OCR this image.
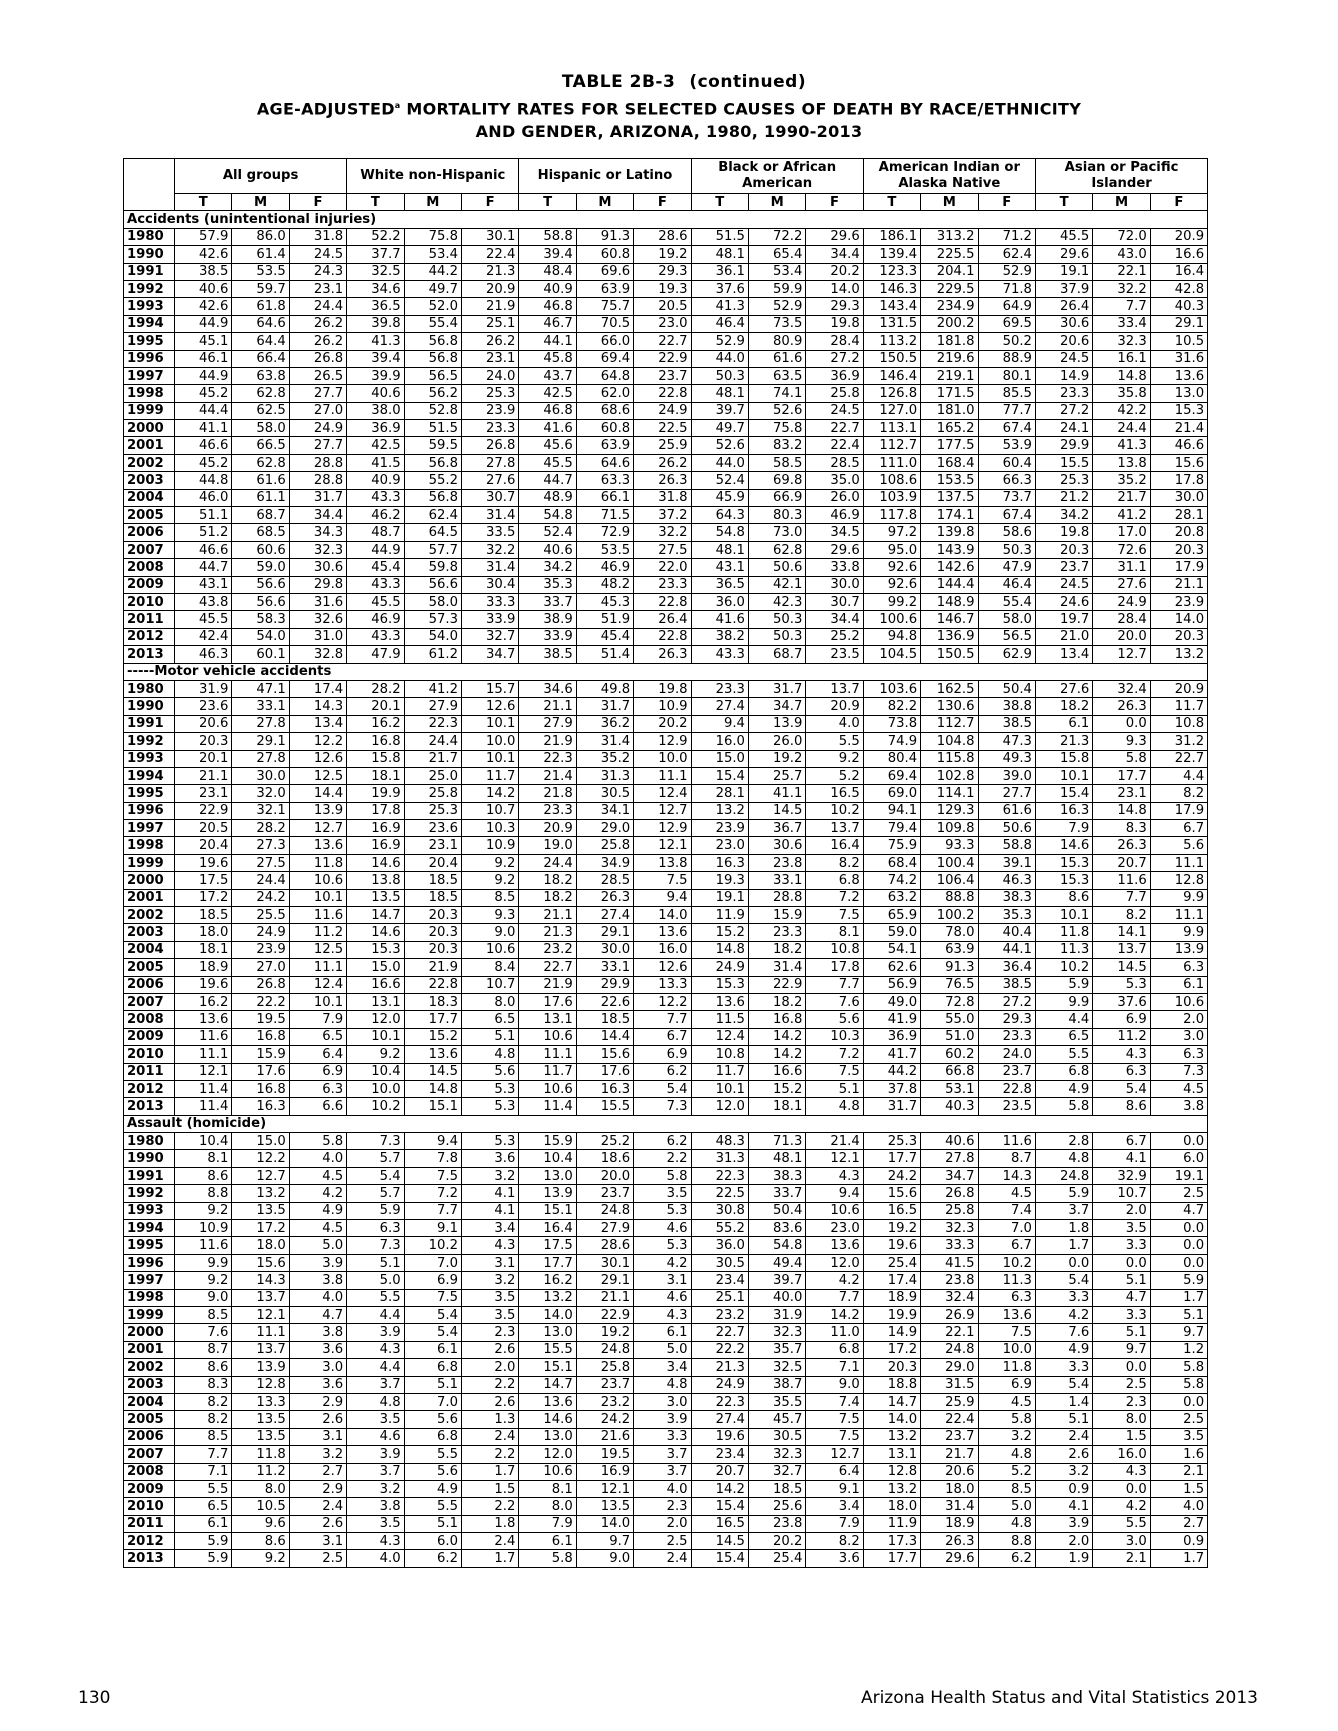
TABLE 2B-3 (continued)
AGE-ADJUSTED$^a$ MORTALITY RATES FOR SELECTED CAUSES OF DEATH BY RACE/ETHNICITY
AND GENDER, ARIZONA, 1980, 1990-2013
	All groups			White non-Hispanic			Hispanic or Latino			Black or African American			American Indian or Alaska Native			Asian or Pacific Islander		
	T	M	F	T	M	F	T	M	F	T	M	F	T	M	F	T	M	F
Accidents (unintentional injuries)																		
1980	57.9	86.0	31.8	52.2	75.8	30.1	58.8	91.3	28.6	51.5	72.2	29.6	186.1	313.2	71.2	45.5	72.0	20.9
1990	42.6	61.4	24.5	37.7	53.4	22.4	39.4	60.8	19.2	48.1	65.4	34.4	139.4	225.5	62.4	29.6	43.0	16.6
1991	38.5	53.5	24.3	32.5	44.2	21.3	48.4	69.6	29.3	36.1	53.4	20.2	123.3	204.1	52.9	19.1	22.1	16.4
1992	40.6	59.7	23.1	34.6	49.7	20.9	40.9	63.9	19.3	37.6	59.9	14.0	146.3	229.5	71.8	37.9	32.2	42.8
1993	42.6	61.8	24.4	36.5	52.0	21.9	46.8	75.7	20.5	41.3	52.9	29.3	143.4	234.9	64.9	26.4	7.7	40.3
1994	44.9	64.6	26.2	39.8	55.4	25.1	46.7	70.5	23.0	46.4	73.5	19.8	131.5	200.2	69.5	30.6	33.4	29.1
1995	45.1	64.4	26.2	41.3	56.8	26.2	44.1	66.0	22.7	52.9	80.9	28.4	113.2	181.8	50.2	20.6	32.3	10.5
1996	46.1	66.4	26.8	39.4	56.8	23.1	45.8	69.4	22.9	44.0	61.6	27.2	150.5	219.6	88.9	24.5	16.1	31.6
1997	44.9	63.8	26.5	39.9	56.5	24.0	43.7	64.8	23.7	50.3	63.5	36.9	146.4	219.1	80.1	14.9	14.8	13.6
1998	45.2	62.8	27.7	40.6	56.2	25.3	42.5	62.0	22.8	48.1	74.1	25.8	126.8	171.5	85.5	23.3	35.8	13.0
1999	44.4	62.5	27.0	38.0	52.8	23.9	46.8	68.6	24.9	39.7	52.6	24.5	127.0	181.0	77.7	27.2	42.2	15.3
2000	41.1	58.0	24.9	36.9	51.5	23.3	41.6	60.8	22.5	49.7	75.8	22.7	113.1	165.2	67.4	24.1	24.4	21.4
2001	46.6	66.5	27.7	42.5	59.5	26.8	45.6	63.9	25.9	52.6	83.2	22.4	112.7	177.5	53.9	29.9	41.3	46.6
2002	45.2	62.8	28.8	41.5	56.8	27.8	45.5	64.6	26.2	44.0	58.5	28.5	111.0	168.4	60.4	15.5	13.8	15.6
2003	44.8	61.6	28.8	40.9	55.2	27.6	44.7	63.3	26.3	52.4	69.8	35.0	108.6	153.5	66.3	25.3	35.2	17.8
2004	46.0	61.1	31.7	43.3	56.8	30.7	48.9	66.1	31.8	45.9	66.9	26.0	103.9	137.5	73.7	21.2	21.7	30.0
2005	51.1	68.7	34.4	46.2	62.4	31.4	54.8	71.5	37.2	64.3	80.3	46.9	117.8	174.1	67.4	34.2	41.2	28.1
2006	51.2	68.5	34.3	48.7	64.5	33.5	52.4	72.9	32.2	54.8	73.0	34.5	97.2	139.8	58.6	19.8	17.0	20.8
2007	46.6	60.6	32.3	44.9	57.7	32.2	40.6	53.5	27.5	48.1	62.8	29.6	95.0	143.9	50.3	20.3	72.6	20.3
2008	44.7	59.0	30.6	45.4	59.8	31.4	34.2	46.9	22.0	43.1	50.6	33.8	92.6	142.6	47.9	23.7	31.1	17.9
2009	43.1	56.6	29.8	43.3	56.6	30.4	35.3	48.2	23.3	36.5	42.1	30.0	92.6	144.4	46.4	24.5	27.6	21.1
2010	43.8	56.6	31.6	45.5	58.0	33.3	33.7	45.3	22.8	36.0	42.3	30.7	99.2	148.9	55.4	24.6	24.9	23.9
2011	45.5	58.3	32.6	46.9	57.3	33.9	38.9	51.9	26.4	41.6	50.3	34.4	100.6	146.7	58.0	19.7	28.4	14.0
2012	42.4	54.0	31.0	43.3	54.0	32.7	33.9	45.4	22.8	38.2	50.3	25.2	94.8	136.9	56.5	21.0	20.0	20.3
2013	46.3	60.1	32.8	47.9	61.2	34.7	38.5	51.4	26.3	43.3	68.7	23.5	104.5	150.5	62.9	13.4	12.7	13.2
-----Motor vehicle accidents																		
1980	31.9	47.1	17.4	28.2	41.2	15.7	34.6	49.8	19.8	23.3	31.7	13.7	103.6	162.5	50.4	27.6	32.4	20.9
1990	23.6	33.1	14.3	20.1	27.9	12.6	21.1	31.7	10.9	27.4	34.7	20.9	82.2	130.6	38.8	18.2	26.3	11.7
1991	20.6	27.8	13.4	16.2	22.3	10.1	27.9	36.2	20.2	9.4	13.9	4.0	73.8	112.7	38.5	6.1	0.0	10.8
1992	20.3	29.1	12.2	16.8	24.4	10.0	21.9	31.4	12.9	16.0	26.0	5.5	74.9	104.8	47.3	21.3	9.3	31.2
1993	20.1	27.8	12.6	15.8	21.7	10.1	22.3	35.2	10.0	15.0	19.2	9.2	80.4	115.8	49.3	15.8	5.8	22.7
1994	21.1	30.0	12.5	18.1	25.0	11.7	21.4	31.3	11.1	15.4	25.7	5.2	69.4	102.8	39.0	10.1	17.7	4.4
1995	23.1	32.0	14.4	19.9	25.8	14.2	21.8	30.5	12.4	28.1	41.1	16.5	69.0	114.1	27.7	15.4	23.1	8.2
1996	22.9	32.1	13.9	17.8	25.3	10.7	23.3	34.1	12.7	13.2	14.5	10.2	94.1	129.3	61.6	16.3	14.8	17.9
1997	20.5	28.2	12.7	16.9	23.6	10.3	20.9	29.0	12.9	23.9	36.7	13.7	79.4	109.8	50.6	7.9	8.3	6.7
1998	20.4	27.3	13.6	16.9	23.1	10.9	19.0	25.8	12.1	23.0	30.6	16.4	75.9	93.3	58.8	14.6	26.3	5.6
1999	19.6	27.5	11.8	14.6	20.4	9.2	24.4	34.9	13.8	16.3	23.8	8.2	68.4	100.4	39.1	15.3	20.7	11.1
2000	17.5	24.4	10.6	13.8	18.5	9.2	18.2	28.5	7.5	19.3	33.1	6.8	74.2	106.4	46.3	15.3	11.6	12.8
2001	17.2	24.2	10.1	13.5	18.5	8.5	18.2	26.3	9.4	19.1	28.8	7.2	63.2	88.8	38.3	8.6	7.7	9.9
2002	18.5	25.5	11.6	14.7	20.3	9.3	21.1	27.4	14.0	11.9	15.9	7.5	65.9	100.2	35.3	10.1	8.2	11.1
2003	18.0	24.9	11.2	14.6	20.3	9.0	21.3	29.1	13.6	15.2	23.3	8.1	59.0	78.0	40.4	11.8	14.1	9.9
2004	18.1	23.9	12.5	15.3	20.3	10.6	23.2	30.0	16.0	14.8	18.2	10.8	54.1	63.9	44.1	11.3	13.7	13.9
2005	18.9	27.0	11.1	15.0	21.9	8.4	22.7	33.1	12.6	24.9	31.4	17.8	62.6	91.3	36.4	10.2	14.5	6.3
2006	19.6	26.8	12.4	16.6	22.8	10.7	21.9	29.9	13.3	15.3	22.9	7.7	56.9	76.5	38.5	5.9	5.3	6.1
2007	16.2	22.2	10.1	13.1	18.3	8.0	17.6	22.6	12.2	13.6	18.2	7.6	49.0	72.8	27.2	9.9	37.6	10.6
2008	13.6	19.5	7.9	12.0	17.7	6.5	13.1	18.5	7.7	11.5	16.8	5.6	41.9	55.0	29.3	4.4	6.9	2.0
2009	11.6	16.8	6.5	10.1	15.2	5.1	10.6	14.4	6.7	12.4	14.2	10.3	36.9	51.0	23.3	6.5	11.2	3.0
2010	11.1	15.9	6.4	9.2	13.6	4.8	11.1	15.6	6.9	10.8	14.2	7.2	41.7	60.2	24.0	5.5	4.3	6.3
2011	12.1	17.6	6.9	10.4	14.5	5.6	11.7	17.6	6.2	11.7	16.6	7.5	44.2	66.8	23.7	6.8	6.3	7.3
2012	11.4	16.8	6.3	10.0	14.8	5.3	10.6	16.3	5.4	10.1	15.2	5.1	37.8	53.1	22.8	4.9	5.4	4.5
2013	11.4	16.3	6.6	10.2	15.1	5.3	11.4	15.5	7.3	12.0	18.1	4.8	31.7	40.3	23.5	5.8	8.6	3.8
Assault (homicide)																		
1980	10.4	15.0	5.8	7.3	9.4	5.3	15.9	25.2	6.2	48.3	71.3	21.4	25.3	40.6	11.6	2.8	6.7	0.0
1990	8.1	12.2	4.0	5.7	7.8	3.6	10.4	18.6	2.2	31.3	48.1	12.1	17.7	27.8	8.7	4.8	4.1	6.0
1991	8.6	12.7	4.5	5.4	7.5	3.2	13.0	20.0	5.8	22.3	38.3	4.3	24.2	34.7	14.3	24.8	32.9	19.1
1992	8.8	13.2	4.2	5.7	7.2	4.1	13.9	23.7	3.5	22.5	33.7	9.4	15.6	26.8	4.5	5.9	10.7	2.5
1993	9.2	13.5	4.9	5.9	7.7	4.1	15.1	24.8	5.3	30.8	50.4	10.6	16.5	25.8	7.4	3.7	2.0	4.7
1994	10.9	17.2	4.5	6.3	9.1	3.4	16.4	27.9	4.6	55.2	83.6	23.0	19.2	32.3	7.0	1.8	3.5	0.0
1995	11.6	18.0	5.0	7.3	10.2	4.3	17.5	28.6	5.3	36.0	54.8	13.6	19.6	33.3	6.7	1.7	3.3	0.0
1996	9.9	15.6	3.9	5.1	7.0	3.1	17.7	30.1	4.2	30.5	49.4	12.0	25.4	41.5	10.2	0.0	0.0	0.0
1997	9.2	14.3	3.8	5.0	6.9	3.2	16.2	29.1	3.1	23.4	39.7	4.2	17.4	23.8	11.3	5.4	5.1	5.9
1998	9.0	13.7	4.0	5.5	7.5	3.5	13.2	21.1	4.6	25.1	40.0	7.7	18.9	32.4	6.3	3.3	4.7	1.7
1999	8.5	12.1	4.7	4.4	5.4	3.5	14.0	22.9	4.3	23.2	31.9	14.2	19.9	26.9	13.6	4.2	3.3	5.1
2000	7.6	11.1	3.8	3.9	5.4	2.3	13.0	19.2	6.1	22.7	32.3	11.0	14.9	22.1	7.5	7.6	5.1	9.7
2001	8.7	13.7	3.6	4.3	6.1	2.6	15.5	24.8	5.0	22.2	35.7	6.8	17.2	24.8	10.0	4.9	9.7	1.2
2002	8.6	13.9	3.0	4.4	6.8	2.0	15.1	25.8	3.4	21.3	32.5	7.1	20.3	29.0	11.8	3.3	0.0	5.8
2003	8.3	12.8	3.6	3.7	5.1	2.2	14.7	23.7	4.8	24.9	38.7	9.0	18.8	31.5	6.9	5.4	2.5	5.8
2004	8.2	13.3	2.9	4.8	7.0	2.6	13.6	23.2	3.0	22.3	35.5	7.4	14.7	25.9	4.5	1.4	2.3	0.0
2005	8.2	13.5	2.6	3.5	5.6	1.3	14.6	24.2	3.9	27.4	45.7	7.5	14.0	22.4	5.8	5.1	8.0	2.5
2006	8.5	13.5	3.1	4.6	6.8	2.4	13.0	21.6	3.3	19.6	30.5	7.5	13.2	23.7	3.2	2.4	1.5	3.5
2007	7.7	11.8	3.2	3.9	5.5	2.2	12.0	19.5	3.7	23.4	32.3	12.7	13.1	21.7	4.8	2.6	16.0	1.6
2008	7.1	11.2	2.7	3.7	5.6	1.7	10.6	16.9	3.7	20.7	32.7	6.4	12.8	20.6	5.2	3.2	4.3	2.1
2009	5.5	8.0	2.9	3.2	4.9	1.5	8.1	12.1	4.0	14.2	18.5	9.1	13.2	18.0	8.5	0.9	0.0	1.5
2010	6.5	10.5	2.4	3.8	5.5	2.2	8.0	13.5	2.3	15.4	25.6	3.4	18.0	31.4	5.0	4.1	4.2	4.0
2011	6.1	9.6	2.6	3.5	5.1	1.8	7.9	14.0	2.0	16.5	23.8	7.9	11.9	18.9	4.8	3.9	5.5	2.7
2012	5.9	8.6	3.1	4.3	6.0	2.4	6.1	9.7	2.5	14.5	20.2	8.2	17.3	26.3	8.8	2.0	3.0	0.9
2013	5.9	9.2	2.5	4.0	6.2	1.7	5.8	9.0	2.4	15.4	25.4	3.6	17.7	29.6	6.2	1.9	2.1	1.7
130	Arizona Health Status and Vital Statistics 2013
